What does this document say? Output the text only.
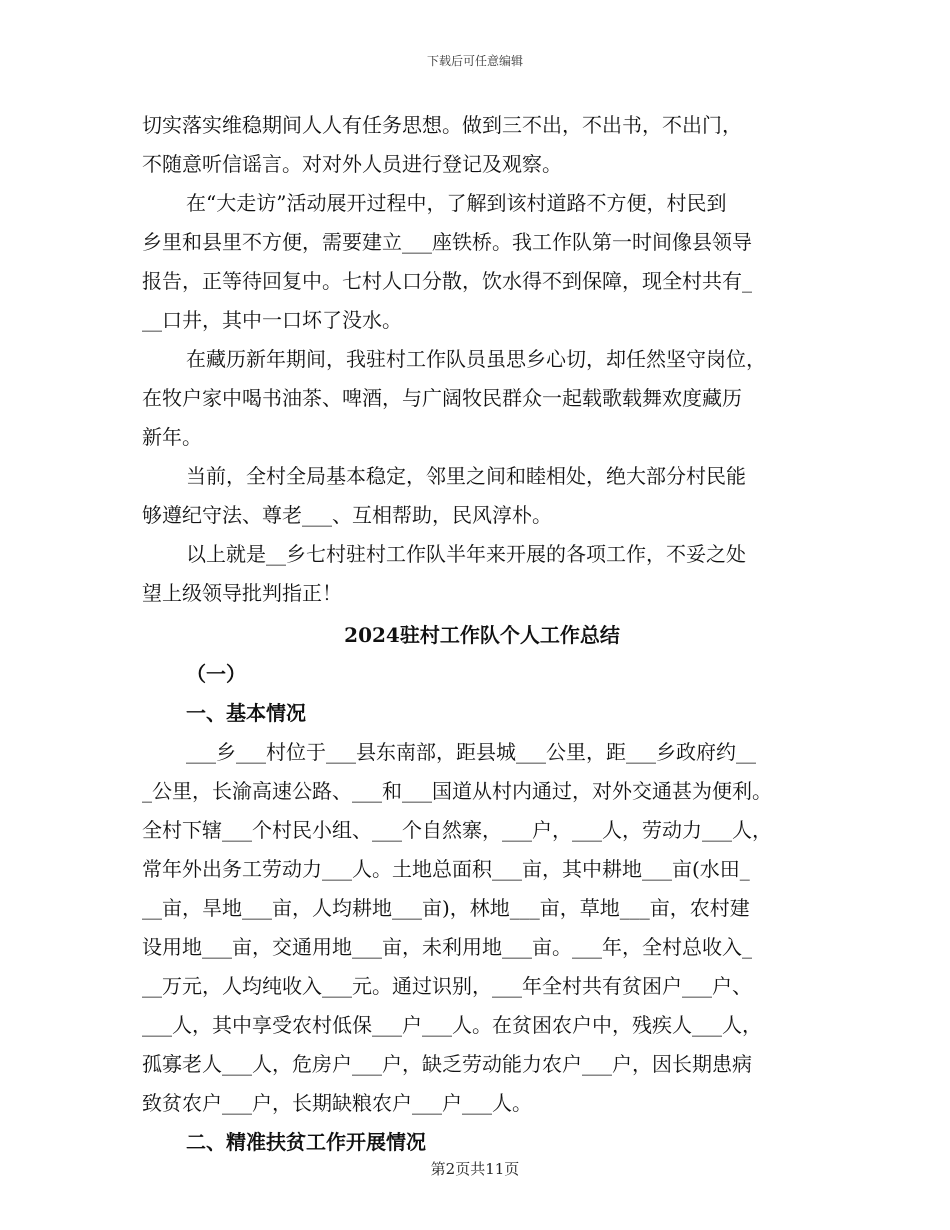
下载后可任意编辑

切实落实维稳期间人人有任务思想。做到三不出，不出书，不出门，

不随意听信谣言。对对外人员进行登记及观察。

在“大走访”活动展开过程中，了解到该村道路不方便，村民到

乡里和县里不方便，需要建立___座铁桥。我工作队第一时间像县领导

报告，正等待回复中。七村人口分散，饮水得不到保障，现全村共有_

__口井，其中一口坏了没水。

在藏历新年期间，我驻村工作队员虽思乡心切，却任然坚守岗位，

在牧户家中喝书油茶、啤酒，与广阔牧民群众一起载歌载舞欢度藏历

新年。

当前，全村全局基本稳定，邻里之间和睦相处，绝大部分村民能

够遵纪守法、尊老___、互相帮助，民风淳朴。

以上就是__乡七村驻村工作队半年来开展的各项工作，不妥之处

望上级领导批判指正！

2024驻村工作队个人工作总结

（一）

一、基本情况

___乡___村位于___县东南部，距县城___公里，距___乡政府约__

_公里，长渝高速公路、___和___国道从村内通过，对外交通甚为便利。

全村下辖___个村民小组、___个自然寨，___户，___人，劳动力___人，

常年外出务工劳动力___人。土地总面积___亩，其中耕地___亩(水田_

__亩，旱地___亩，人均耕地___亩)，林地___亩，草地___亩，农村建

设用地___亩，交通用地___亩，未利用地___亩。___年，全村总收入_

__万元，人均纯收入___元。通过识别，___年全村共有贫困户___户、

___人，其中享受农村低保___户___人。在贫困农户中，残疾人___人，

孤寡老人___人，危房户___户，缺乏劳动能力农户___户，因长期患病

致贫农户___户，长期缺粮农户___户___人。

二、精准扶贫工作开展情况

第2页共11页
